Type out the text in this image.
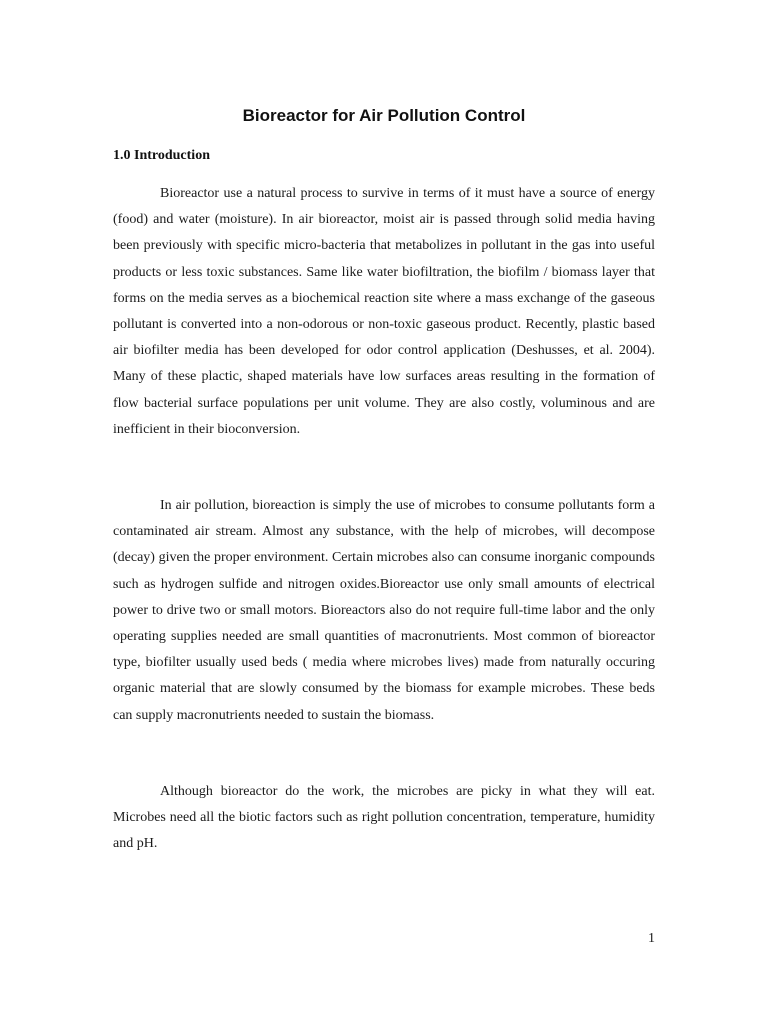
Bioreactor for Air Pollution Control
1.0 Introduction

Bioreactor use a natural process to survive in terms of it must have a source of energy (food) and water (moisture). In air bioreactor, moist air is passed through solid media having been previously with specific micro-bacteria that metabolizes in pollutant in the gas into useful products or less toxic substances. Same like water biofiltration, the biofilm / biomass layer that forms on the media serves as a biochemical reaction site where a mass exchange of the gaseous pollutant is converted into a non-odorous or non-toxic gaseous product. Recently, plastic based air biofilter media has been developed for odor control application (Deshusses, et al. 2004). Many of these plactic, shaped materials have low surfaces areas resulting in the formation of flow bacterial surface populations per unit volume. They are also costly, voluminous and are inefficient in their bioconversion.

In air pollution, bioreaction is simply the use of microbes to consume pollutants form a contaminated air stream. Almost any substance, with the help of microbes, will decompose (decay) given the proper environment. Certain microbes also can consume inorganic compounds such as hydrogen sulfide and nitrogen oxides.Bioreactor use only small amounts of electrical power to drive two or small motors. Bioreactors also do not require full-time labor and the only operating supplies needed are small quantities of macronutrients. Most common of bioreactor type, biofilter usually used beds ( media where microbes lives) made from naturally occuring organic material that are slowly consumed by the biomass for example microbes. These beds can supply macronutrients needed to sustain the biomass.

Although bioreactor do the work, the microbes are picky in what they will eat. Microbes need all the biotic factors such as right pollution concentration, temperature, humidity and pH.

1
